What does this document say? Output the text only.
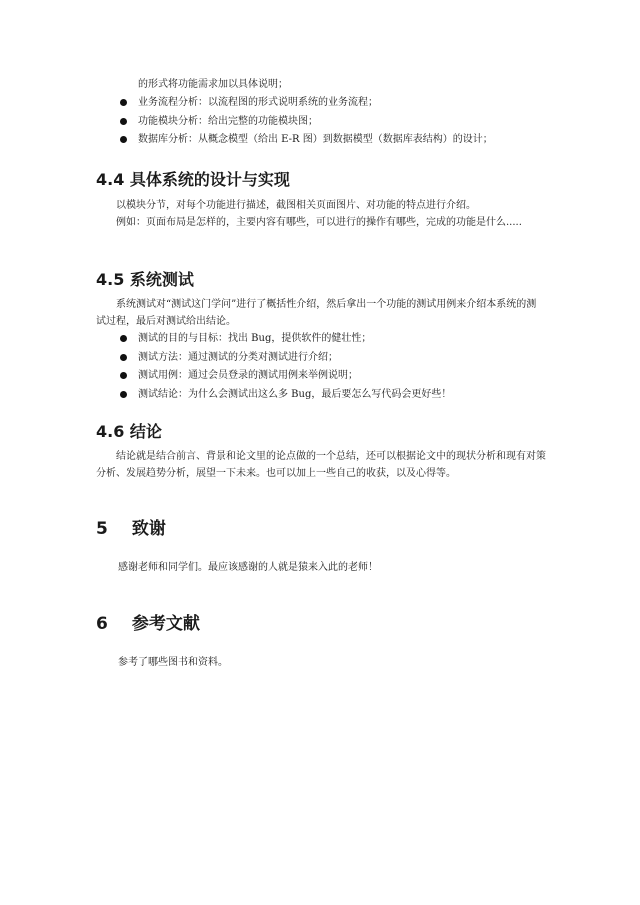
的形式将功能需求加以具体说明；

业务流程分析：以流程图的形式说明系统的业务流程；
功能模块分析：给出完整的功能模块图；
数据库分析：从概念模型（给出 E-R 图）到数据模型（数据库表结构）的设计；
4.4 具体系统的设计与实现

以模块分节，对每个功能进行描述，截图相关页面图片、对功能的特点进行介绍。

例如：页面布局是怎样的，主要内容有哪些，可以进行的操作有哪些，完成的功能是什么.....

4.5 系统测试

系统测试对“测试这门学问”进行了概括性介绍，然后拿出一个功能的测试用例来介绍本系统的测试过程，最后对测试给出结论。

测试的目的与目标：找出 Bug，提供软件的健壮性；
测试方法：通过测试的分类对测试进行介绍；
测试用例：通过会员登录的测试用例来举例说明；
测试结论：为什么会测试出这么多 Bug，最后要怎么写代码会更好些！
4.6 结论

结论就是结合前言、背景和论文里的论点做的一个总结，还可以根据论文中的现状分析和现有对策分析、发展趋势分析，展望一下未来。也可以加上一些自己的收获，以及心得等。

5 致谢

感谢老师和同学们。最应该感谢的人就是猿来入此的老师！

6 参考文献

参考了哪些图书和资料。
